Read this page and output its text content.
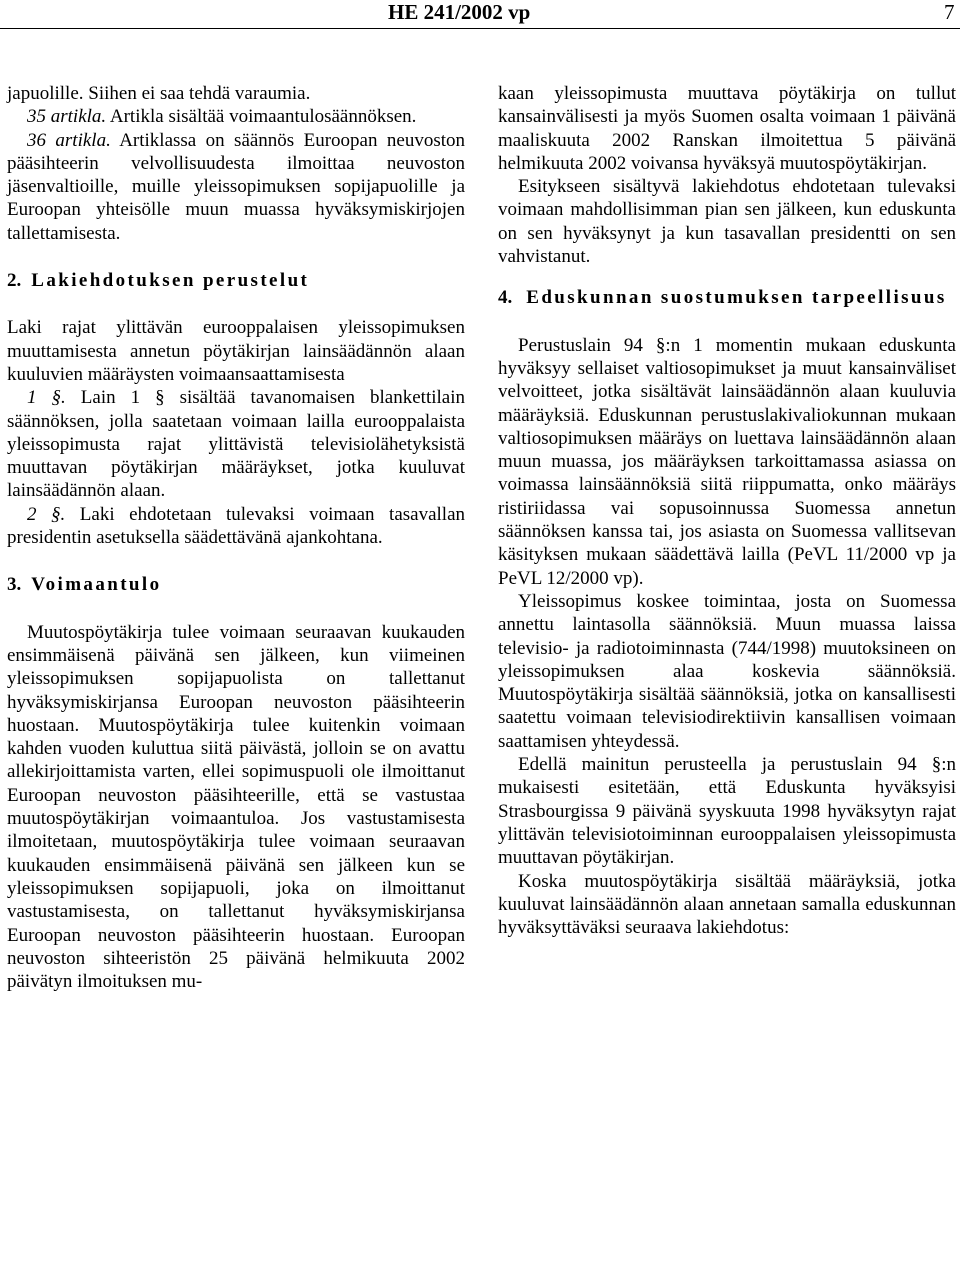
HE 241/2002 vp	7

japuolille. Siihen ei saa tehdä varaumia.

35 artikla. Artikla sisältää voimaantulosäännöksen.

36 artikla. Artiklassa on säännös Euroopan neuvoston pääsihteerin velvollisuudesta ilmoittaa neuvoston jäsenvaltioille, muille yleissopimuksen sopijapuolille ja Euroopan yhteisölle muun muassa hyväksymiskirjojen tallettamisesta.

2. Lakiehdotuksen perustelut

Laki rajat ylittävän eurooppalaisen yleissopimuksen muuttamisesta annetun pöytäkirjan lainsäädännön alaan kuuluvien määräysten voimaansaattamisesta

1 §. Lain 1 § sisältää tavanomaisen blankettilain säännöksen, jolla saatetaan voimaan lailla eurooppalaista yleissopimusta rajat ylittävistä televisiolähetyksistä muuttavan pöytäkirjan määräykset, jotka kuuluvat lainsäädännön alaan.

2 §. Laki ehdotetaan tulevaksi voimaan tasavallan presidentin asetuksella säädettävänä ajankohtana.

3. Voimaantulo

Muutospöytäkirja tulee voimaan seuraavan kuukauden ensimmäisenä päivänä sen jälkeen, kun viimeinen yleissopimuksen sopijapuolista on tallettanut hyväksymiskirjansa Euroopan neuvoston pääsihteerin huostaan. Muutospöytäkirja tulee kuitenkin voimaan kahden vuoden kuluttua siitä päivästä, jolloin se on avattu allekirjoittamista varten, ellei sopimuspuoli ole ilmoittanut Euroopan neuvoston pääsihteerille, että se vastustaa muutospöytäkirjan voimaantuloa. Jos vastustamisesta ilmoitetaan, muutospöytäkirja tulee voimaan seuraavan kuukauden ensimmäisenä päivänä sen jälkeen kun se yleissopimuksen sopijapuoli, joka on ilmoittanut vastustamisesta, on tallettanut hyväksymiskirjansa Euroopan neuvoston pääsihteerin huostaan. Euroopan neuvoston sihteeristön 25 päivänä helmikuuta 2002 päivätyn ilmoituksen mu-

kaan yleissopimusta muuttava pöytäkirja on tullut kansainvälisesti ja myös Suomen osalta voimaan 1 päivänä maaliskuuta 2002 Ranskan ilmoitettua 5 päivänä helmikuuta 2002 voivansa hyväksyä muutospöytäkirjan.

Esitykseen sisältyvä lakiehdotus ehdotetaan tulevaksi voimaan mahdollisimman pian sen jälkeen, kun eduskunta on sen hyväksynyt ja kun tasavallan presidentti on sen vahvistanut.

4. Eduskunnan suostumuksen tarpeellisuus

Perustuslain 94 §:n 1 momentin mukaan eduskunta hyväksyy sellaiset valtiosopimukset ja muut kansainväliset velvoitteet, jotka sisältävät lainsäädännön alaan kuuluvia määräyksiä. Eduskunnan perustuslakivaliokunnan mukaan valtiosopimuksen määräys on luettava lainsäädännön alaan muun muassa, jos määräyksen tarkoittamassa asiassa on voimassa lainsäännöksiä siitä riippumatta, onko määräys ristiriidassa vai sopusoinnussa Suomessa annetun säännöksen kanssa tai, jos asiasta on Suomessa vallitsevan käsityksen mukaan säädettävä lailla (PeVL 11/2000 vp ja PeVL 12/2000 vp).

Yleissopimus koskee toimintaa, josta on Suomessa annettu laintasolla säännöksiä. Muun muassa laissa televisio- ja radiotoiminnasta (744/1998) muutoksineen on yleissopimuksen alaa koskevia säännöksiä. Muutospöytäkirja sisältää säännöksiä, jotka on kansallisesti saatettu voimaan televisiodirektiivin kansallisen voimaan saattamisen yhteydessä.

Edellä mainitun perusteella ja perustuslain 94 §:n mukaisesti esitetään, että Eduskunta hyväksyisi Strasbourgissa 9 päivänä syyskuuta 1998 hyväksytyn rajat ylittävän televisiotoiminnan eurooppalaisen yleissopimusta muuttavan pöytäkirjan.

Koska muutospöytäkirja sisältää määräyksiä, jotka kuuluvat lainsäädännön alaan annetaan samalla eduskunnan hyväksyttäväksi seuraava lakiehdotus:
